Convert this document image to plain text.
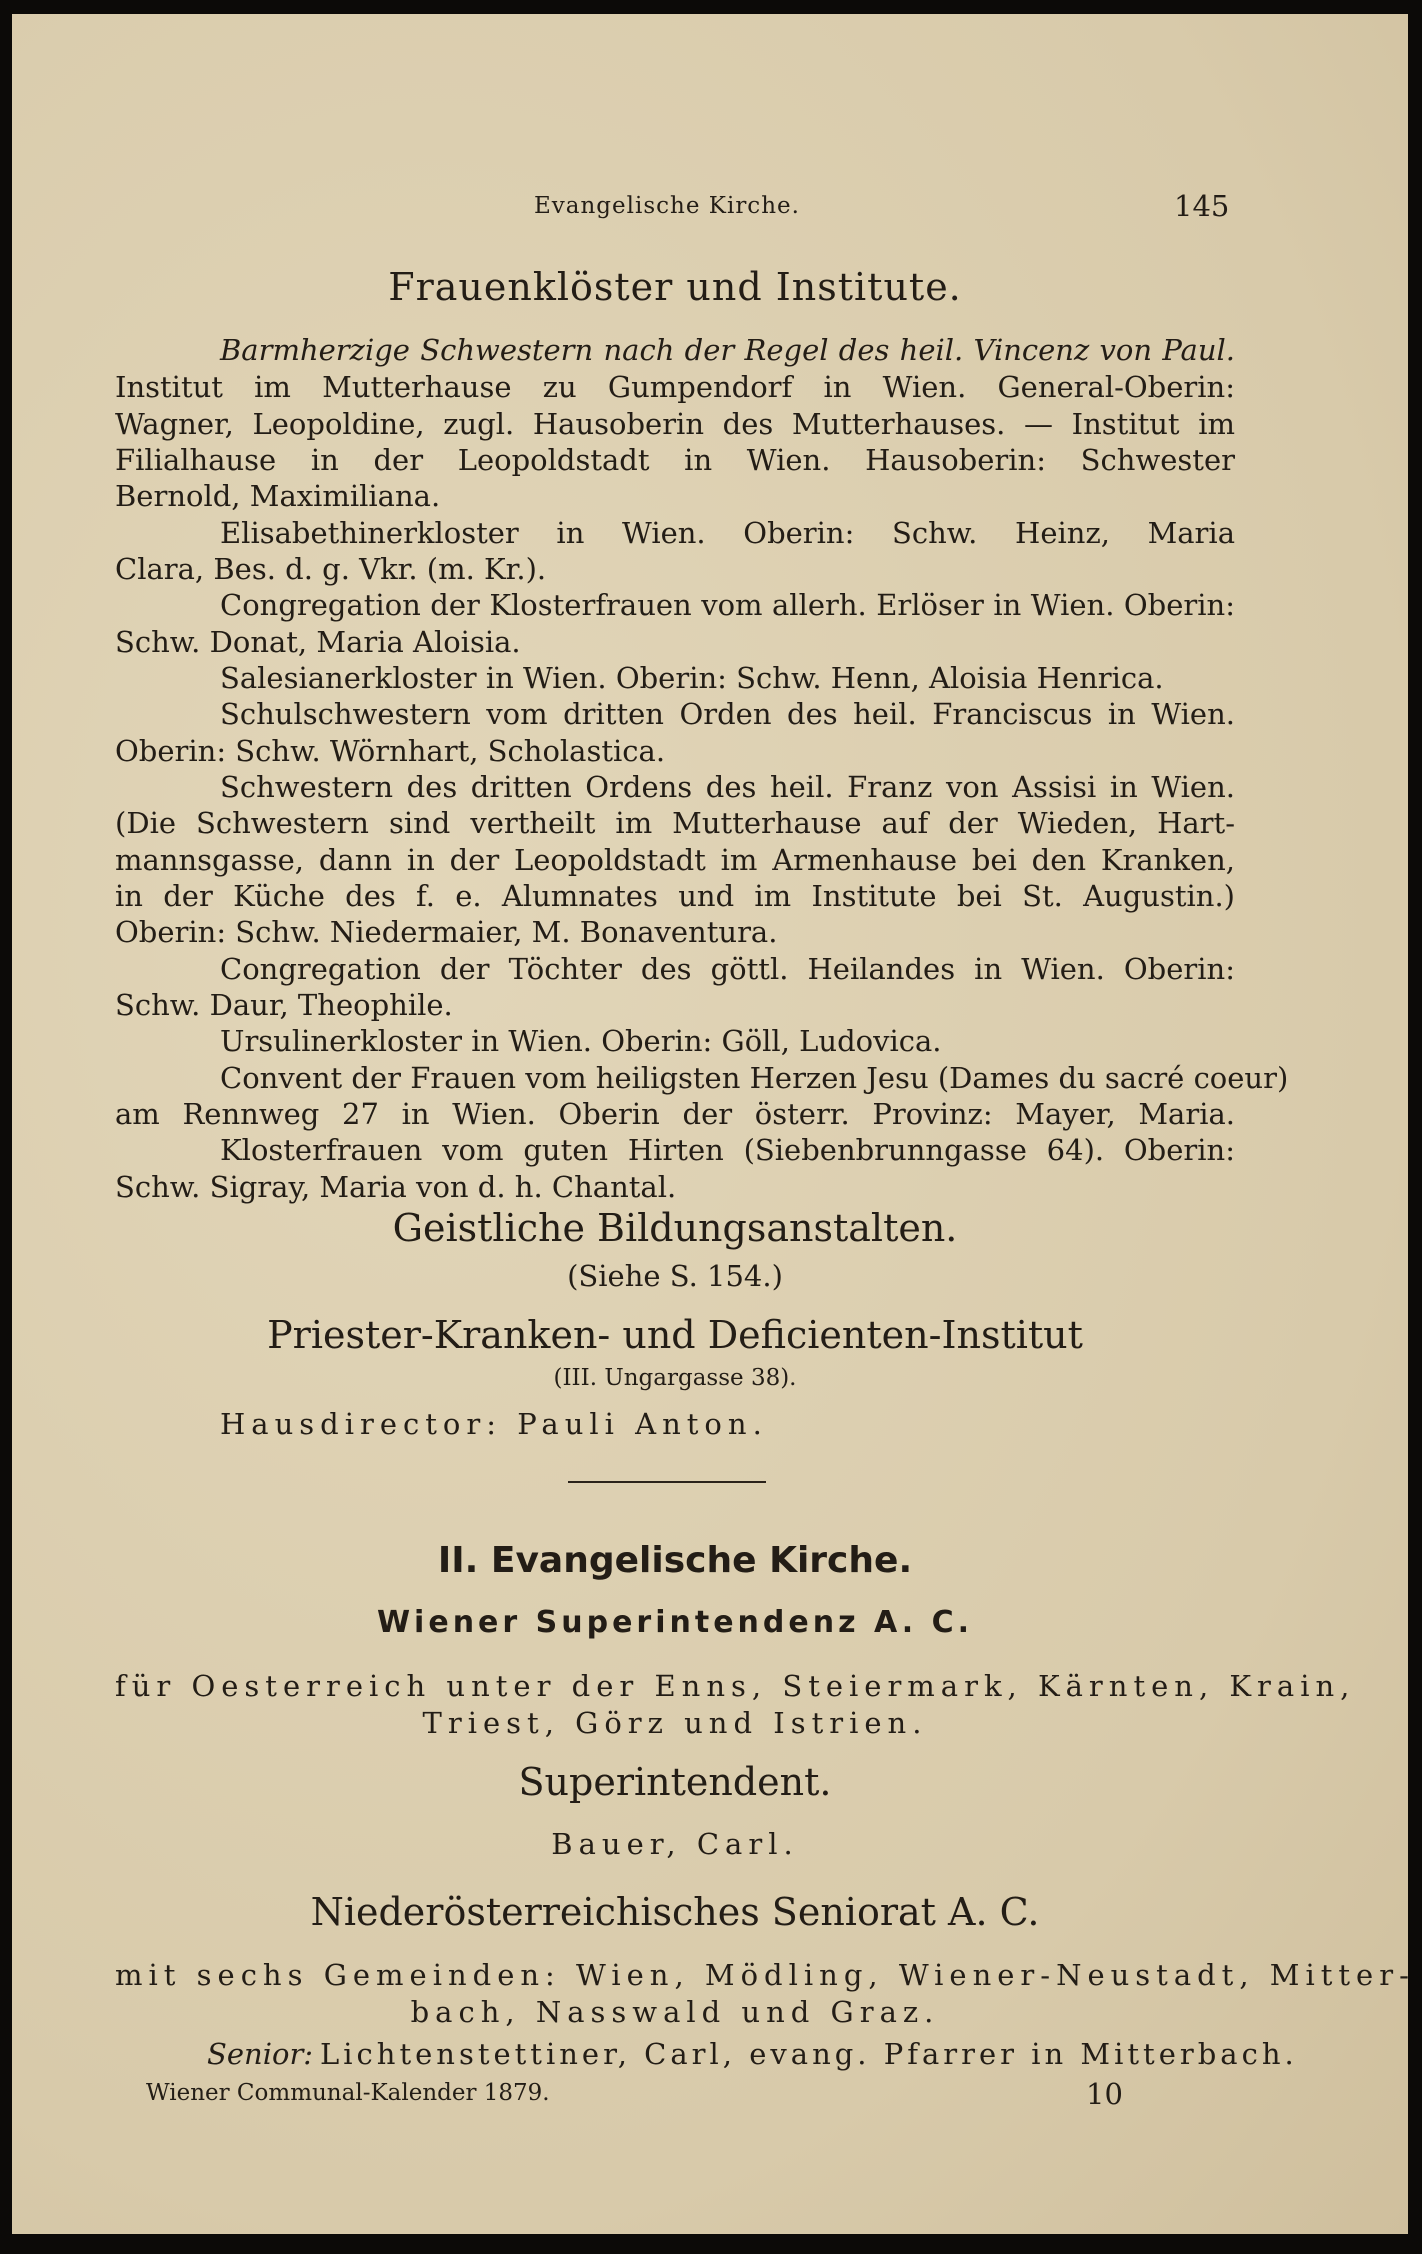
Evangelische Kirche.	145
Frauenklöster und Institute.
Barmherzige Schwestern nach der Regel des heil. Vincenz von Paul.
Institut im Mutterhause zu Gumpendorf in Wien. General-Oberin:
Wagner, Leopoldine, zugl. Hausoberin des Mutterhauses. — Institut im
Filialhause in der Leopoldstadt in Wien. Hausoberin: Schwester
Bernold, Maximiliana.
Elisabethinerkloster in Wien. Oberin: Schw. Heinz, Maria
Clara, Bes. d. g. Vkr. (m. Kr.).
Congregation der Klosterfrauen vom allerh. Erlöser in Wien. Oberin:
Schw. Donat, Maria Aloisia.
Salesianerkloster in Wien. Oberin: Schw. Henn, Aloisia Henrica.
Schulschwestern vom dritten Orden des heil. Franciscus in Wien.
Oberin: Schw. Wörnhart, Scholastica.
Schwestern des dritten Ordens des heil. Franz von Assisi in Wien.
(Die Schwestern sind vertheilt im Mutterhause auf der Wieden, Hart-
mannsgasse, dann in der Leopoldstadt im Armenhause bei den Kranken,
in der Küche des f. e. Alumnates und im Institute bei St. Augustin.)
Oberin: Schw. Niedermaier, M. Bonaventura.
Congregation der Töchter des göttl. Heilandes in Wien. Oberin:
Schw. Daur, Theophile.
Ursulinerkloster in Wien. Oberin: Göll, Ludovica.
Convent der Frauen vom heiligsten Herzen Jesu (Dames du sacré coeur)
am Rennweg 27 in Wien. Oberin der österr. Provinz: Mayer, Maria.
Klosterfrauen vom guten Hirten (Siebenbrunngasse 64). Oberin:
Schw. Sigray, Maria von d. h. Chantal.
Geistliche Bildungsanstalten.
(Siehe S. 154.)
Priester-Kranken- und Deficienten-Institut
(III. Ungargasse 38).
Hausdirector: Pauli Anton.
II. Evangelische Kirche.
Wiener Superintendenz A. C.
für Oesterreich unter der Enns, Steiermark, Kärnten, Krain,
Triest, Görz und Istrien.
Superintendent.
Bauer, Carl.
Niederösterreichisches Seniorat A. C.
mit sechs Gemeinden: Wien, Mödling, Wiener-Neustadt, Mitter-
bach, Nasswald und Graz.
Senior: Lichtenstettiner, Carl, evang. Pfarrer in Mitterbach.
Wiener Communal-Kalender 1879.	10
